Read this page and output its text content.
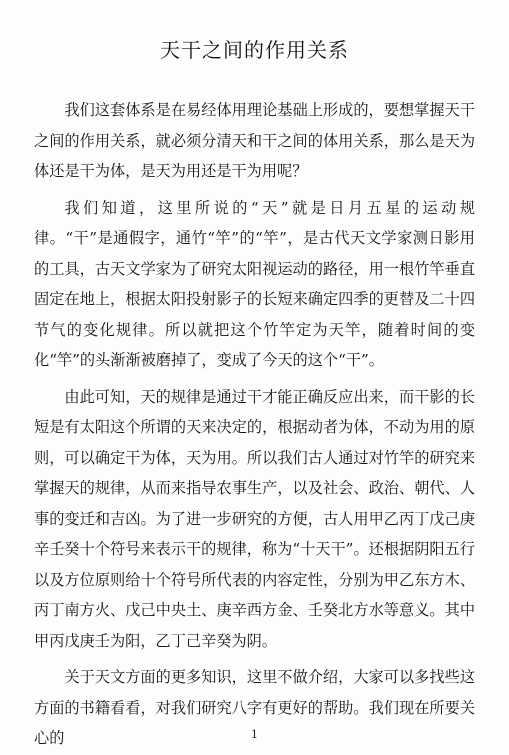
天干之间的作用关系

我们这套体系是在易经体用理论基础上形成的，要想掌握天干之间的作用关系，就必须分清天和干之间的体用关系，那么是天为体还是干为体，是天为用还是干为用呢？

我们知道，这里所说的“天”就是日月五星的运动规律。“干”是通假字，通竹“竿”的“竿”，是古代天文学家测日影用的工具，古天文学家为了研究太阳视运动的路径，用一根竹竿垂直固定在地上，根据太阳投射影子的长短来确定四季的更替及二十四节气的变化规律。所以就把这个竹竿定为天竿，随着时间的变化“竿”的头渐渐被磨掉了，变成了今天的这个“干”。

由此可知，天的规律是通过干才能正确反应出来，而干影的长短是有太阳这个所谓的天来决定的，根据动者为体，不动为用的原则，可以确定干为体，天为用。所以我们古人通过对竹竿的研究来掌握天的规律，从而来指导农事生产，以及社会、政治、朝代、人事的变迁和吉凶。为了进一步研究的方便，古人用甲乙丙丁戊己庚辛壬癸十个符号来表示干的规律，称为“十天干”。还根据阴阳五行以及方位原则给十个符号所代表的内容定性，分别为甲乙东方木、丙丁南方火、戊己中央土、庚辛西方金、壬癸北方水等意义。其中甲丙戊庚壬为阳，乙丁己辛癸为阴。

关于天文方面的更多知识，这里不做介绍，大家可以多找些这方面的书籍看看，对我们研究八字有更好的帮助。我们现在所要关心的	1
